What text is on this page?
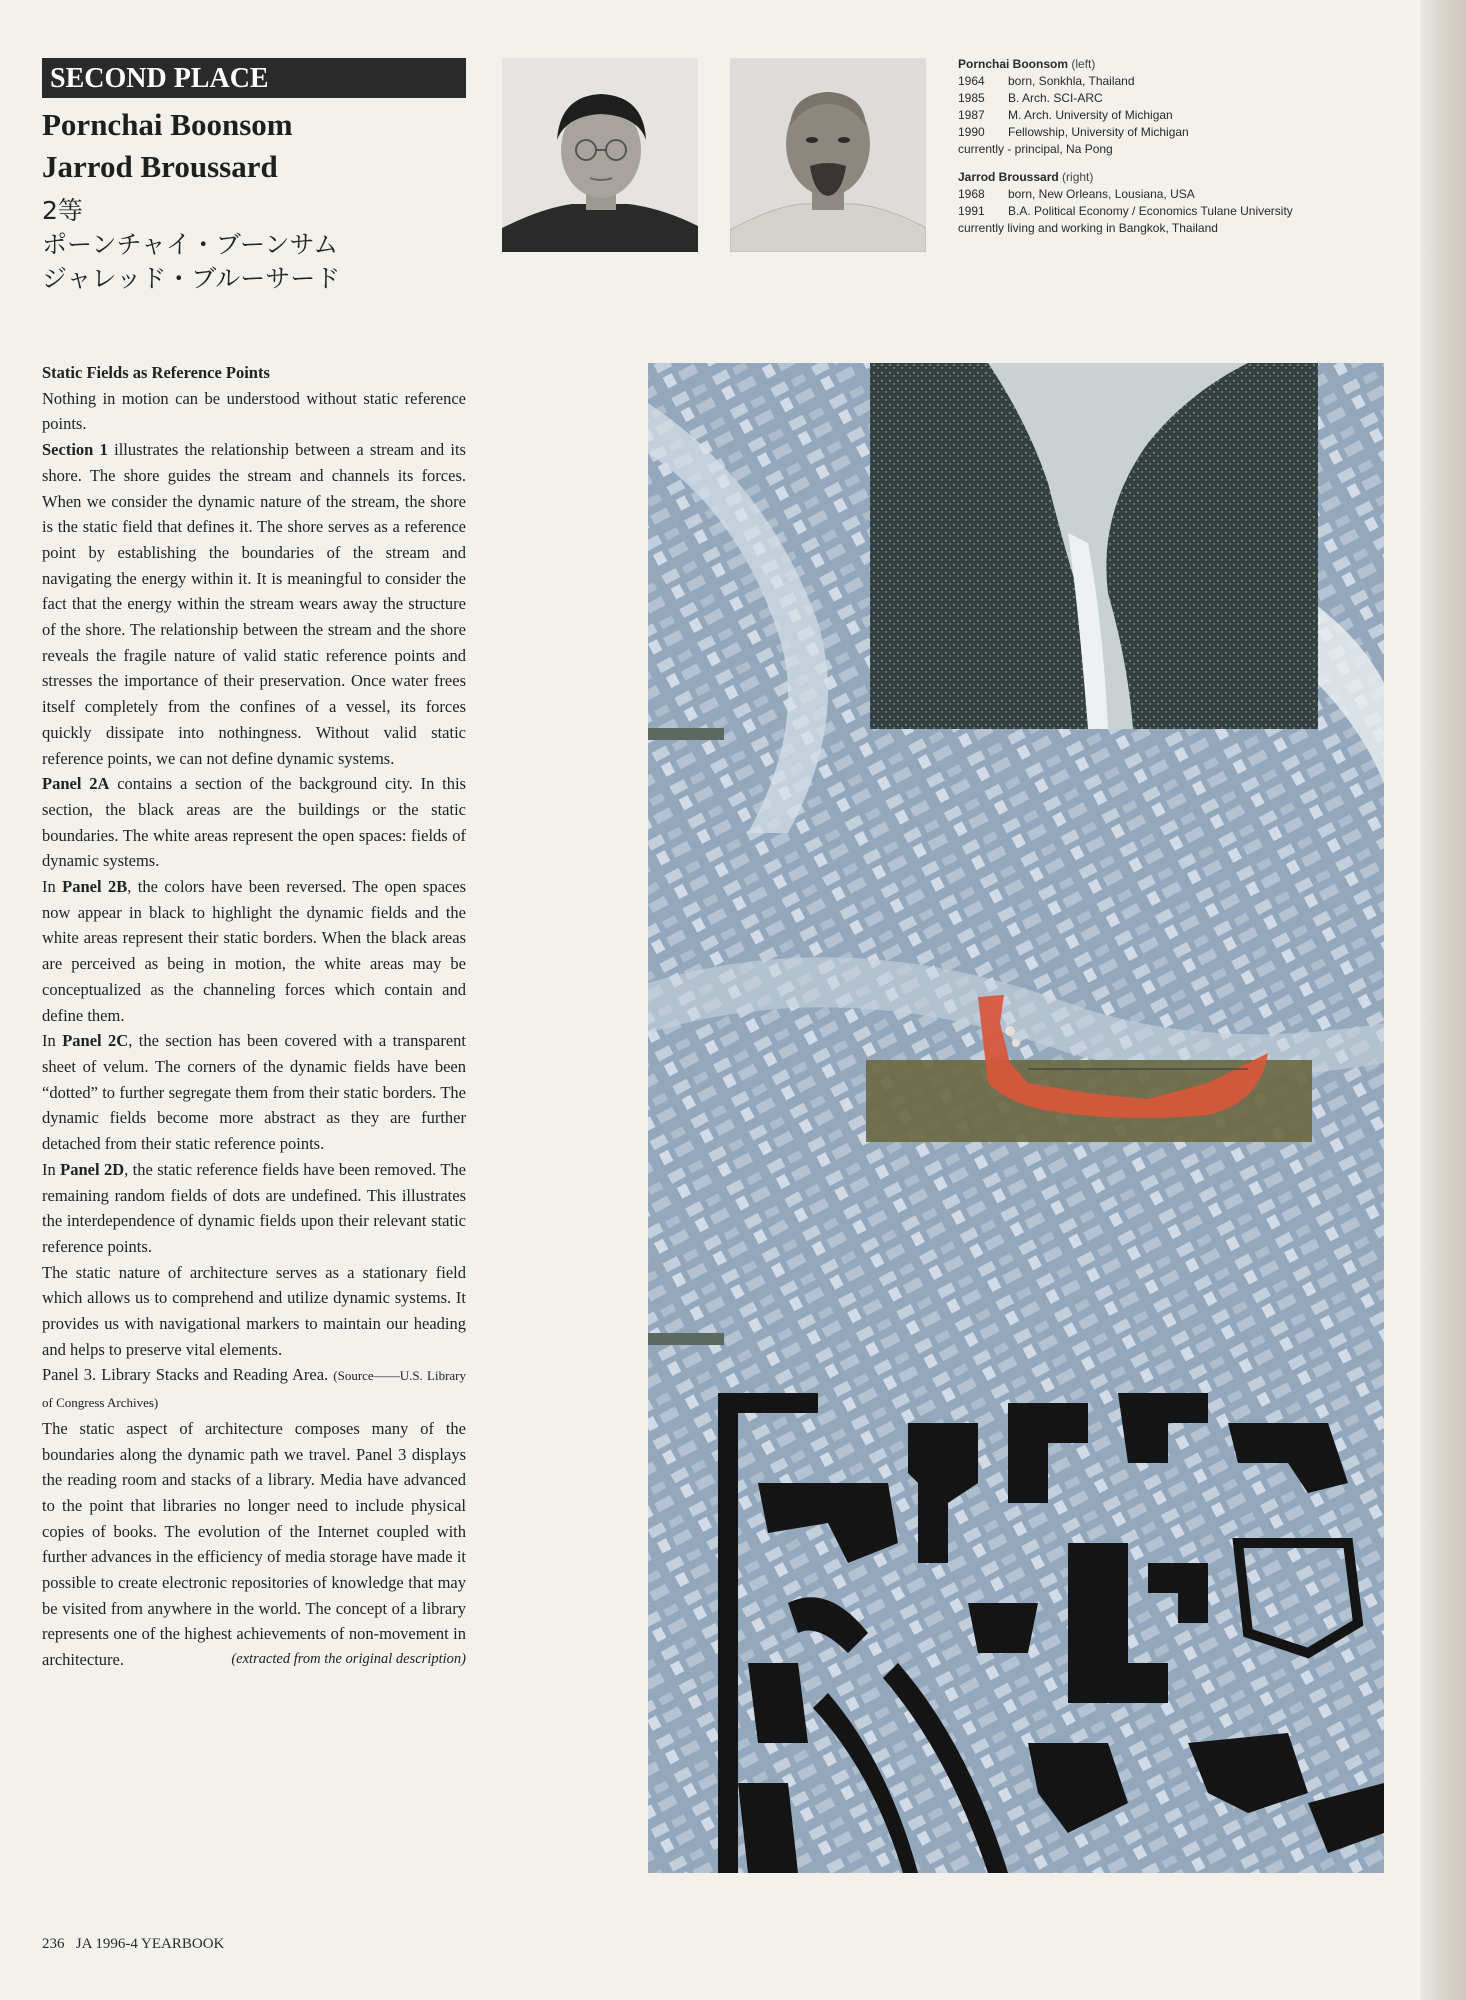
SECOND PLACE
Pornchai Boonsom
Jarrod Broussard
2等
ポーンチャイ・ブーンサム
ジャレッド・ブルーサード
Pornchai Boonsom (left)
1964	born, Sonkhla, Thailand
1985	B. Arch. SCI-ARC
1987	M. Arch. University of Michigan
1990	Fellowship, University of Michigan
currently - principal, Na Pong
Jarrod Broussard (right)
1968	born, New Orleans, Lousiana, USA
1991	B.A. Political Economy / Economics Tulane University
currently living and working in Bangkok, Thailand

Static Fields as Reference Points

Nothing in motion can be understood without static reference points.

Section 1 illustrates the relationship between a stream and its shore. The shore guides the stream and channels its forces. When we consider the dynamic nature of the stream, the shore is the static field that defines it. The shore serves as a reference point by establishing the boundaries of the stream and navigating the energy within it. It is meaningful to consider the fact that the energy within the stream wears away the structure of the shore. The relationship between the stream and the shore reveals the fragile nature of valid static reference points and stresses the importance of their preservation. Once water frees itself completely from the confines of a vessel, its forces quickly dissipate into nothingness. Without valid static reference points, we can not define dynamic systems.

Panel 2A contains a section of the background city. In this section, the black areas are the buildings or the static boundaries. The white areas represent the open spaces: fields of dynamic systems.

In Panel 2B, the colors have been reversed. The open spaces now appear in black to highlight the dynamic fields and the white areas represent their static borders. When the black areas are perceived as being in motion, the white areas may be conceptualized as the channeling forces which contain and define them.

In Panel 2C, the section has been covered with a transparent sheet of velum. The corners of the dynamic fields have been “dotted” to further segregate them from their static borders. The dynamic fields become more abstract as they are further detached from their static reference points.

In Panel 2D, the static reference fields have been removed. The remaining random fields of dots are undefined. This illustrates the interdependence of dynamic fields upon their relevant static reference points.

The static nature of architecture serves as a stationary field which allows us to comprehend and utilize dynamic systems. It provides us with navigational markers to maintain our heading and helps to preserve vital elements.

Panel 3. Library Stacks and Reading Area. (Source——U.S. Library of Congress Archives)

The static aspect of architecture composes many of the boundaries along the dynamic path we travel. Panel 3 displays the reading room and stacks of a library. Media have advanced to the point that libraries no longer need to include physical copies of books. The evolution of the Internet coupled with further advances in the efficiency of media storage have made it possible to create electronic repositories of knowledge that may be visited from anywhere in the world. The concept of a library represents one of the highest achievements of non-movement in architecture.	(extracted from the original description)

236 JA 1996-4 YEARBOOK
